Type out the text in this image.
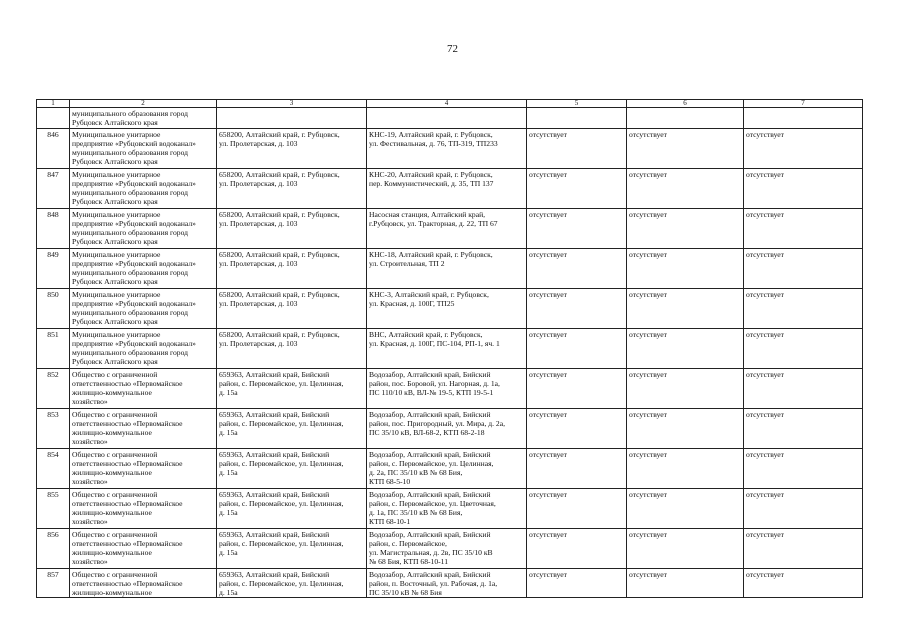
72
1	2	3	4	5	6	7
	муниципального образования город
Рубцовск Алтайского края					
846	Муниципальное унитарное
предприятие «Рубцовский водоканал»
муниципального образования город
Рубцовск Алтайского края	658200, Алтайский край, г. Рубцовск,
ул. Пролетарская, д. 103	КНС-19, Алтайский край, г. Рубцовск,
ул. Фестивальная, д. 76, ТП-319, ТП233	отсутствует	отсутствует	отсутствует
847	Муниципальное унитарное
предприятие «Рубцовский водоканал»
муниципального образования город
Рубцовск Алтайского края	658200, Алтайский край, г. Рубцовск,
ул. Пролетарская, д. 103	КНС-20, Алтайский край, г. Рубцовск,
пер. Коммунистический, д. 35, ТП 137	отсутствует	отсутствует	отсутствует
848	Муниципальное унитарное
предприятие «Рубцовский водоканал»
муниципального образования город
Рубцовск Алтайского края	658200, Алтайский край, г. Рубцовск,
ул. Пролетарская, д. 103	Насосная станция, Алтайский край,
г.Рубцовск, ул. Тракторная, д. 22, ТП 67	отсутствует	отсутствует	отсутствует
849	Муниципальное унитарное
предприятие «Рубцовский водоканал»
муниципального образования город
Рубцовск Алтайского края	658200, Алтайский край, г. Рубцовск,
ул. Пролетарская, д. 103	КНС-18, Алтайский край, г. Рубцовск,
ул. Строительная, ТП 2	отсутствует	отсутствует	отсутствует
850	Муниципальное унитарное
предприятие «Рубцовский водоканал»
муниципального образования город
Рубцовск Алтайского края	658200, Алтайский край, г. Рубцовск,
ул. Пролетарская, д. 103	КНС-3, Алтайский край, г. Рубцовск,
ул. Красная, д. 100Г, ТП25	отсутствует	отсутствует	отсутствует
851	Муниципальное унитарное
предприятие «Рубцовский водоканал»
муниципального образования город
Рубцовск Алтайского края	658200, Алтайский край, г. Рубцовск,
ул. Пролетарская, д. 103	ВНС, Алтайский край, г. Рубцовск,
ул. Красная, д. 100Г, ПС-104, РП-1, яч. 1	отсутствует	отсутствует	отсутствует
852	Общество с ограниченной
ответственностью «Первомайское
жилищно-коммунальное
хозяйство»	659363, Алтайский край, Бийский
район, с. Первомайское, ул. Целинная,
д. 15а	Водозабор, Алтайский край, Бийский
район, пос. Боровой, ул. Нагорная, д. 1а,
ПС 110/10 кВ, ВЛ-№ 19-5, КТП 19-5-1	отсутствует	отсутствует	отсутствует
853	Общество с ограниченной
ответственностью «Первомайское
жилищно-коммунальное
хозяйство»	659363, Алтайский край, Бийский
район, с. Первомайское, ул. Целинная,
д. 15а	Водозабор, Алтайский край, Бийский
район, пос. Пригородный, ул. Мира, д. 2а,
ПС 35/10 кВ, ВЛ-68-2, КТП 68-2-18	отсутствует	отсутствует	отсутствует
854	Общество с ограниченной
ответственностью «Первомайское
жилищно-коммунальное
хозяйство»	659363, Алтайский край, Бийский
район, с. Первомайское, ул. Целинная,
д. 15а	Водозабор, Алтайский край, Бийский
район, с. Первомайское, ул. Целинная,
д. 2а, ПС 35/10 кВ № 68 Бия,
КТП 68-5-10	отсутствует	отсутствует	отсутствует
855	Общество с ограниченной
ответственностью «Первомайское
жилищно-коммунальное
хозяйство»	659363, Алтайский край, Бийский
район, с. Первомайское, ул. Целинная,
д. 15а	Водозабор, Алтайский край, Бийский
район, с. Первомайское, ул. Цветочная,
д. 1а, ПС 35/10 кВ № 68 Бия,
КТП 68-10-1	отсутствует	отсутствует	отсутствует
856	Общество с ограниченной
ответственностью «Первомайское
жилищно-коммунальное
хозяйство»	659363, Алтайский край, Бийский
район, с. Первомайское, ул. Целинная,
д. 15а	Водозабор, Алтайский край, Бийский
район, с. Первомайское,
ул. Магистральная, д. 2в, ПС 35/10 кВ
№ 68 Бия, КТП 68-10-11	отсутствует	отсутствует	отсутствует
857	Общество с ограниченной
ответственностью «Первомайское
жилищно-коммунальное	659363, Алтайский край, Бийский
район, с. Первомайское, ул. Целинная,
д. 15а	Водозабор, Алтайский край, Бийский
район, п. Восточный, ул. Рабочая, д. 1а,
ПС 35/10 кВ № 68 Бия	отсутствует	отсутствует	отсутствует
